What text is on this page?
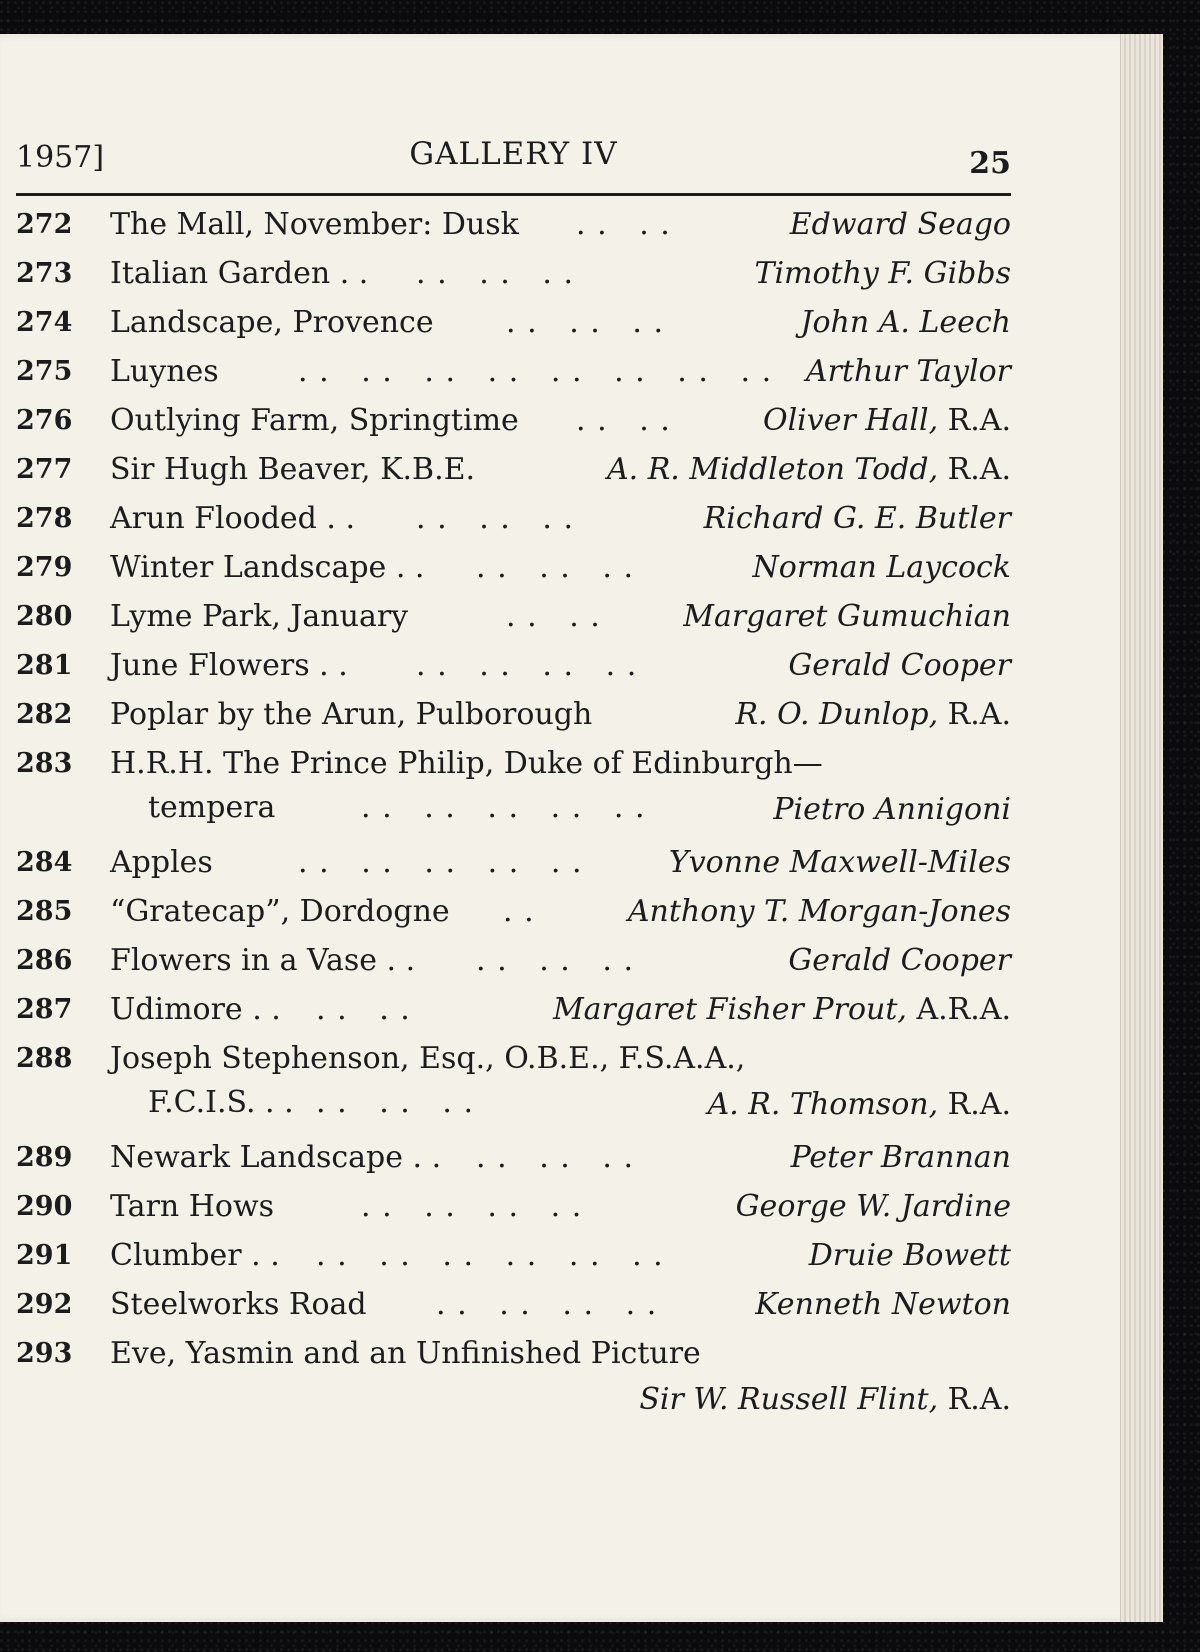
1957]	GALLERY IV	25
272 The Mall, November: Dusk . .   . .	Edward Seago
273 Italian Garden . . . .   . .   . .	Timothy F. Gibbs
274 Landscape, Provence . .   . .   . .	John A. Leech
275 Luynes	. .   . .   . .   . .   . .   . .   . .   . . Arthur Taylor
276 Outlying Farm, Springtime . .   . .	Oliver Hall, R.A.
277 Sir Hugh Beaver, K.B.E.	A. R. Middleton Todd, R.A.
278 Arun Flooded . . . .   . .   . .	Richard G. E. Butler
279 Winter Landscape . . . .   . .   . .	Norman Laycock
280 Lyme Park, January	. .   . .	Margaret Gumuchian
281 June Flowers . . . .   . .   . .   . .	Gerald Cooper
282 Poplar by the Arun, Pulborough	R. O. Dunlop, R.A.
283 H.R.H. The Prince Philip, Duke of Edinburgh—
tempera	. .   . .   . .   . .   . .	Pietro Annigoni
284 Apples	. .   . .   . .   . .   . .	Yvonne Maxwell-Miles
285 “Gratecap”, Dordogne . .	Anthony T. Morgan-Jones
286 Flowers in a Vase . . . .   . .   . .	Gerald Cooper
287 Udimore . . . .   . .	Margaret Fisher Prout, A.R.A.
288 Joseph Stephenson, Esq., O.B.E., F.S.A.A.,
F.C.I.S. . . . .   . .   . .	A. R. Thomson, R.A.
289 Newark Landscape . . . .   . .   . .	Peter Brannan
290 Tarn Hows	. .   . .   . .   . .	George W. Jardine
291 Clumber . . . .   . .   . .   . .   . .   . .	Druie Bowett
292 Steelworks Road . .   . .   . .   . .	Kenneth Newton
293 Eve, Yasmin and an Unfinished Picture
Sir W. Russell Flint, R.A.
